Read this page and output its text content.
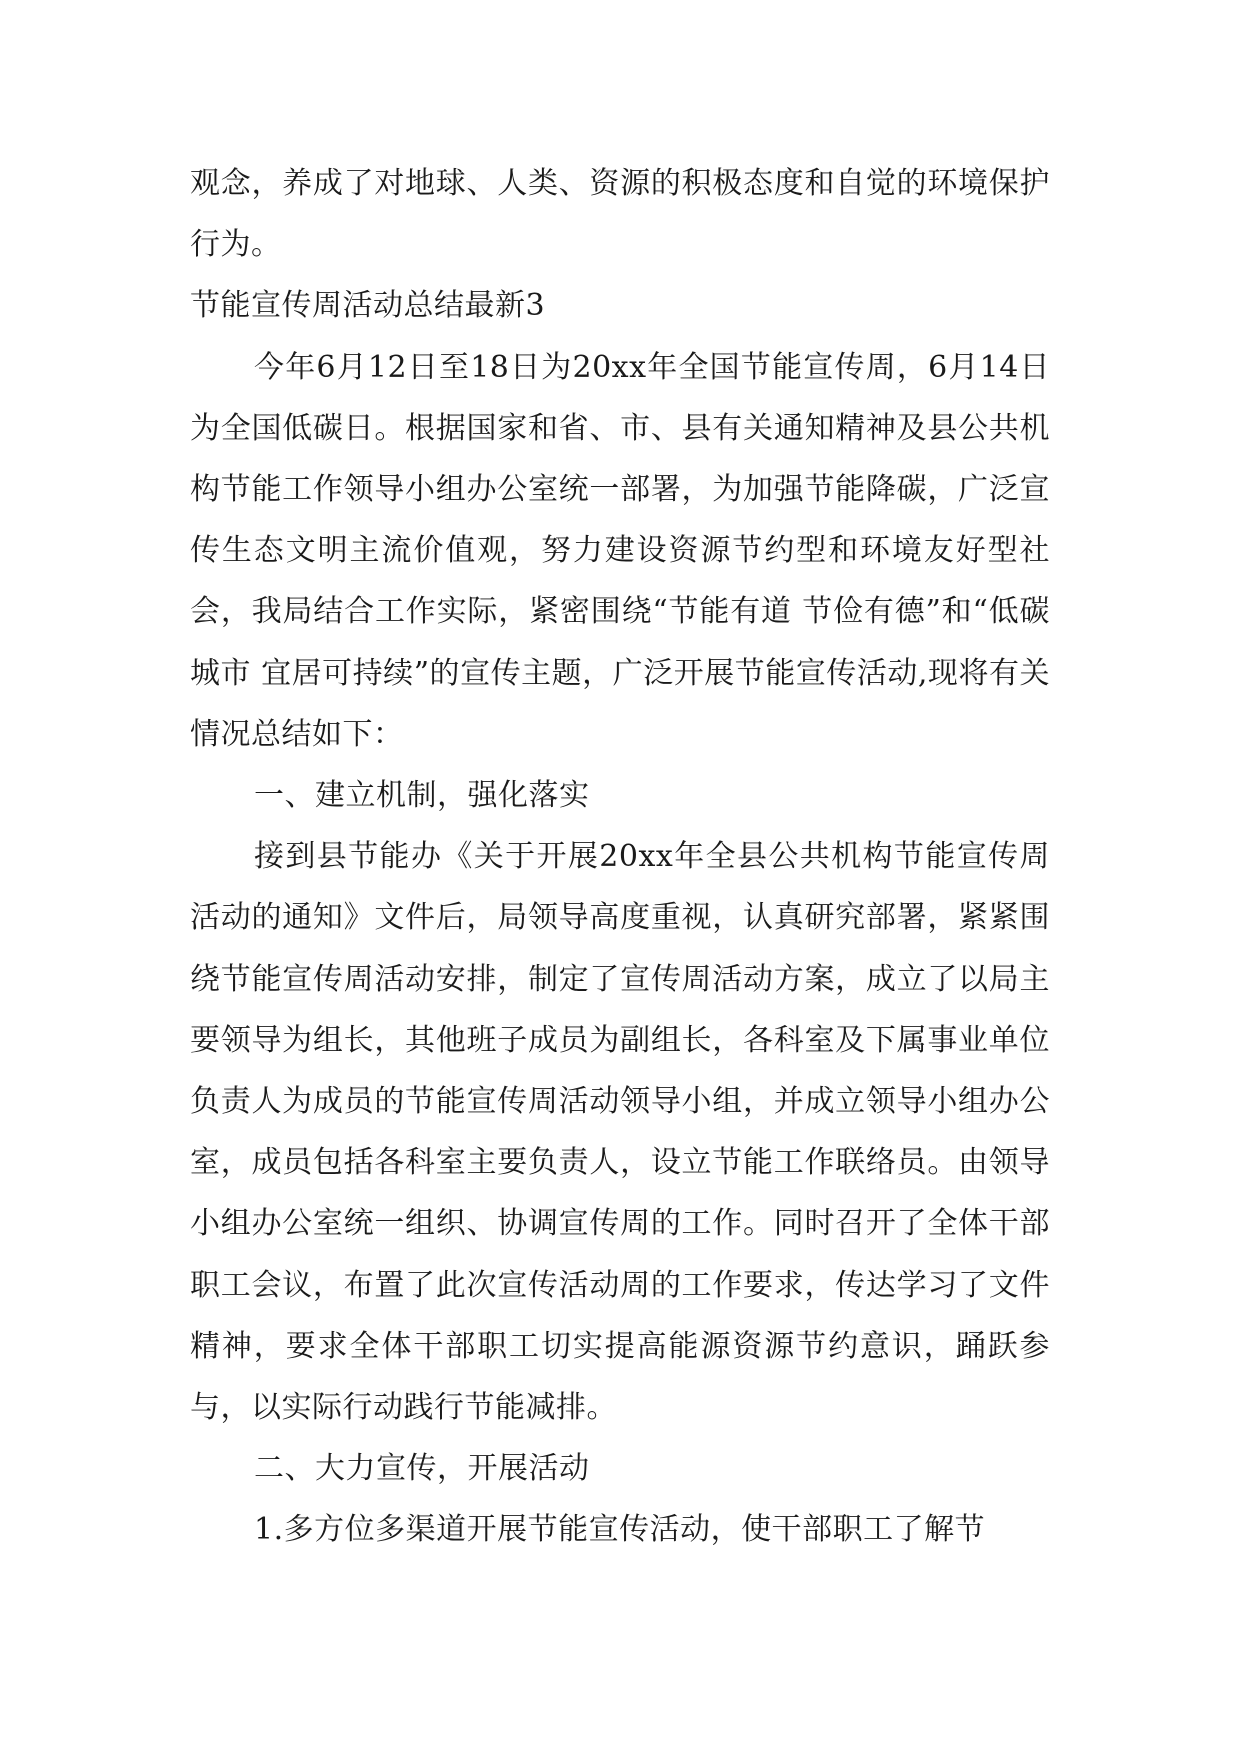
观念，养成了对地球、人类、资源的积极态度和自觉的环境保护行为。

节能宣传周活动总结最新3

今年6月12日至18日为20xx年全国节能宣传周，6月14日为全国低碳日。根据国家和省、市、县有关通知精神及县公共机构节能工作领导小组办公室统一部署，为加强节能降碳，广泛宣传生态文明主流价值观，努力建设资源节约型和环境友好型社会，我局结合工作实际，紧密围绕“节能有道 节俭有德”和“低碳城市 宜居可持续”的宣传主题，广泛开展节能宣传活动,现将有关情况总结如下：

一、建立机制，强化落实

接到县节能办《关于开展20xx年全县公共机构节能宣传周活动的通知》文件后，局领导高度重视，认真研究部署，紧紧围绕节能宣传周活动安排，制定了宣传周活动方案，成立了以局主要领导为组长，其他班子成员为副组长，各科室及下属事业单位负责人为成员的节能宣传周活动领导小组，并成立领导小组办公室，成员包括各科室主要负责人，设立节能工作联络员。由领导小组办公室统一组织、协调宣传周的工作。同时召开了全体干部职工会议，布置了此次宣传活动周的工作要求，传达学习了文件精神，要求全体干部职工切实提高能源资源节约意识，踊跃参与，以实际行动践行节能减排。

二、大力宣传，开展活动

1.多方位多渠道开展节能宣传活动，使干部职工了解节
